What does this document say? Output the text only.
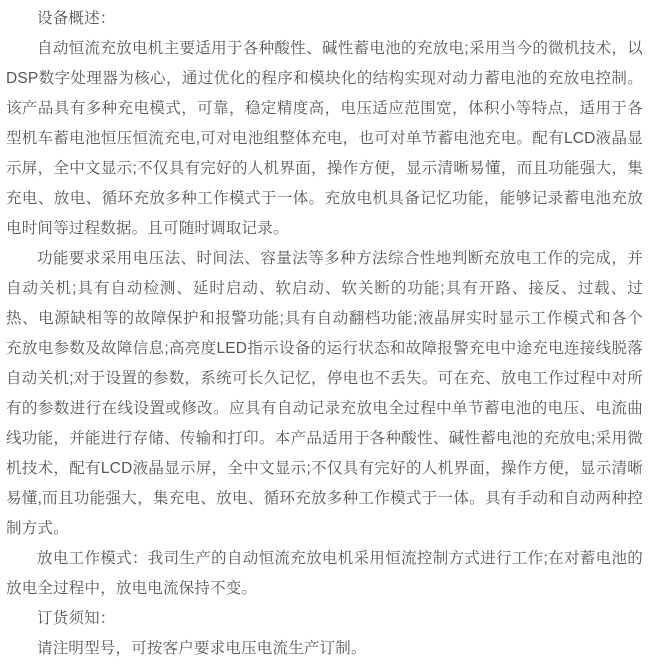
设备概述：

自动恒流充放电机主要适用于各种酸性、碱性蓄电池的充放电;采用当今的微机技术，以DSP数字处理器为核心，通过优化的程序和模块化的结构实现对动力蓄电池的充放电控制。该产品具有多种充电模式，可靠，稳定精度高，电压适应范围宽，体积小等特点，适用于各型机车蓄电池恒压恒流充电,可对电池组整体充电，也可对单节蓄电池充电。配有LCD液晶显示屏，全中文显示;不仅具有完好的人机界面，操作方便，显示清晰易懂，而且功能强大，集充电、放电、循环充放多种工作模式于一体。充放电机具备记忆功能，能够记录蓄电池充放电时间等过程数据。且可随时调取记录。

功能要求采用电压法、时间法、容量法等多种方法综合性地判断充放电工作的完成，并自动关机;具有自动检测、延时启动、软启动、软关断的功能;具有开路、接反、过载、过热、电源缺相等的故障保护和报警功能;具有自动翻档功能;液晶屏实时显示工作模式和各个充放电参数及故障信息;高亮度LED指示设备的运行状态和故障报警充电中途充电连接线脱落自动关机;对于设置的参数，系统可长久记忆，停电也不丢失。可在充、放电工作过程中对所有的参数进行在线设置或修改。应具有自动记录充放电全过程中单节蓄电池的电压、电流曲线功能，并能进行存储、传输和打印。本产品适用于各种酸性、碱性蓄电池的充放电;采用微机技术，配有LCD液晶显示屏，全中文显示;不仅具有完好的人机界面，操作方便，显示清晰易懂,而且功能强大，集充电、放电、循环充放多种工作模式于一体。具有手动和自动两种控制方式。

放电工作模式：我司生产的自动恒流充放电机采用恒流控制方式进行工作;在对蓄电池的放电全过程中，放电电流保持不变。

订货须知：

请注明型号，可按客户要求电压电流生产订制。
